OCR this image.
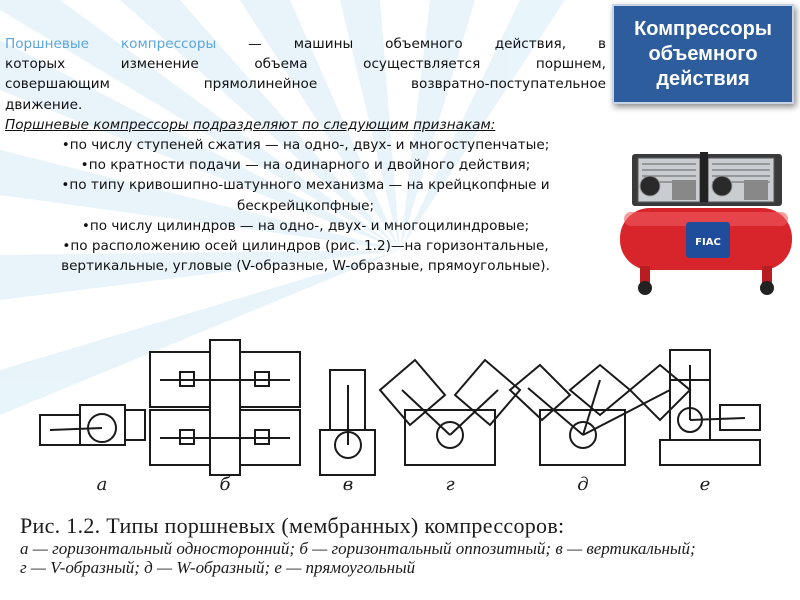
Компрессоры
объемного
действия
Поршневые компрессоры — машины объемного действия, в
которых изменение объема осуществляется поршнем,
совершающим прямолинейное возвратно-поступательное
движение.
Поршневые компрессоры подразделяют по следующим признакам:
•по числу ступеней сжатия — на одно-, двух- и многоступенчатые;
•по кратности подачи — на одинарного и двойного действия;
•по типу кривошипно-шатунного механизма — на крейцкопфные и
бескрейцкопфные;
•по числу цилиндров — на одно-, двух- и многоцилиндровые;
•по расположению осей цилиндров (рис. 1.2)—на горизонтальные,
вертикальные, угловые (V-образные, W-образные, прямоугольные).
FIAC
а	б	в	г	д	е
Рис. 1.2. Типы поршневых (мембранных) компрессоров:
а — горизонтальный односторонний; б — горизонтальный оппозитный; в — вертикальный;
г — V-образный; д — W-образный; е — прямоугольный
